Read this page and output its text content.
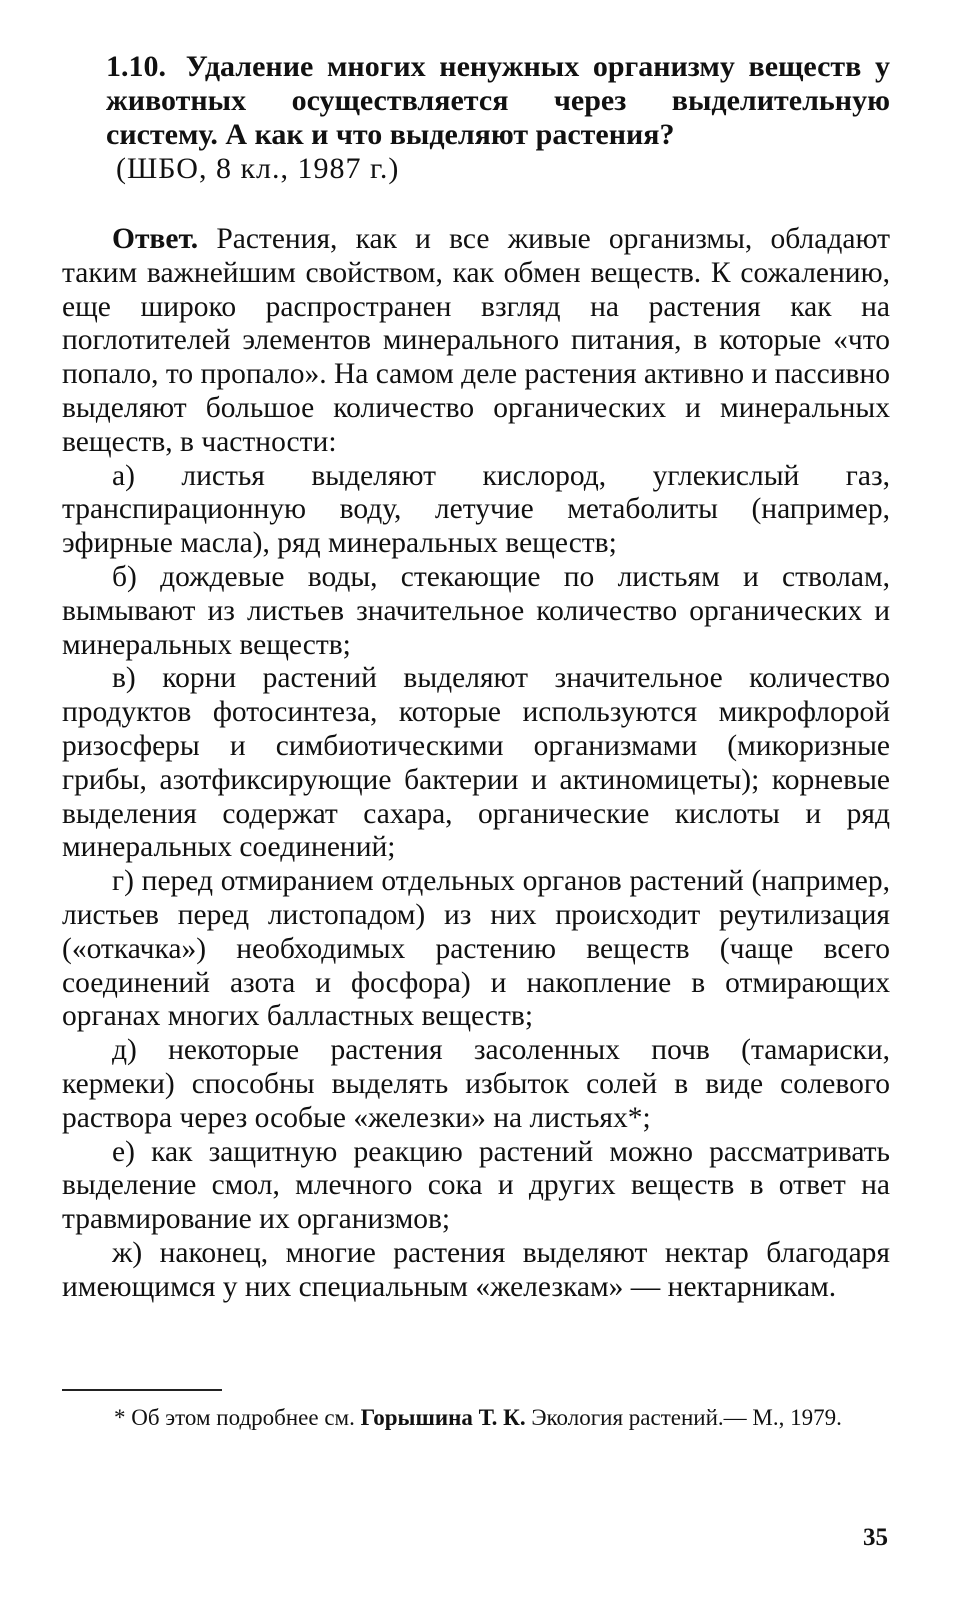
1.10. Удаление многих ненужных организму веществ у животных осуществляется через выделительную систему. А как и что выделяют растения?
(ШБО, 8 кл., 1987 г.)

Ответ. Растения, как и все живые организмы, обладают таким важнейшим свойством, как обмен веществ. К сожалению, еще широко распространен взгляд на растения как на поглотителей элементов минерального питания, в которые «что попало, то пропало». На самом деле растения активно и пассивно выделяют большое количество органических и минеральных веществ, в частности:

а) листья выделяют кислород, углекислый газ, транспирационную воду, летучие метаболиты (например, эфирные масла), ряд минеральных веществ;

б) дождевые воды, стекающие по листьям и стволам, вымывают из листьев значительное количество органических и минеральных веществ;

в) корни растений выделяют значительное количество продуктов фотосинтеза, которые используются микрофлорой ризосферы и симбиотическими организмами (микоризные грибы, азотфиксирующие бактерии и актиномицеты); корневые выделения содержат сахара, органические кислоты и ряд минеральных соединений;

г) перед отмиранием отдельных органов растений (например, листьев перед листопадом) из них происходит реутилизация («откачка») необходимых растению веществ (чаще всего соединений азота и фосфора) и накопление в отмирающих органах многих балластных веществ;

д) некоторые растения засоленных почв (тамариски, кермеки) способны выделять избыток солей в виде солевого раствора через особые «железки» на листьях*;

е) как защитную реакцию растений можно рассматривать выделение смол, млечного сока и других веществ в ответ на травмирование их организмов;

ж) наконец, многие растения выделяют нектар благодаря имеющимся у них специальным «железкам» — нектарникам.

* Об этом подробнее см. Горышина Т. К. Экология растений.— М., 1979.

35
